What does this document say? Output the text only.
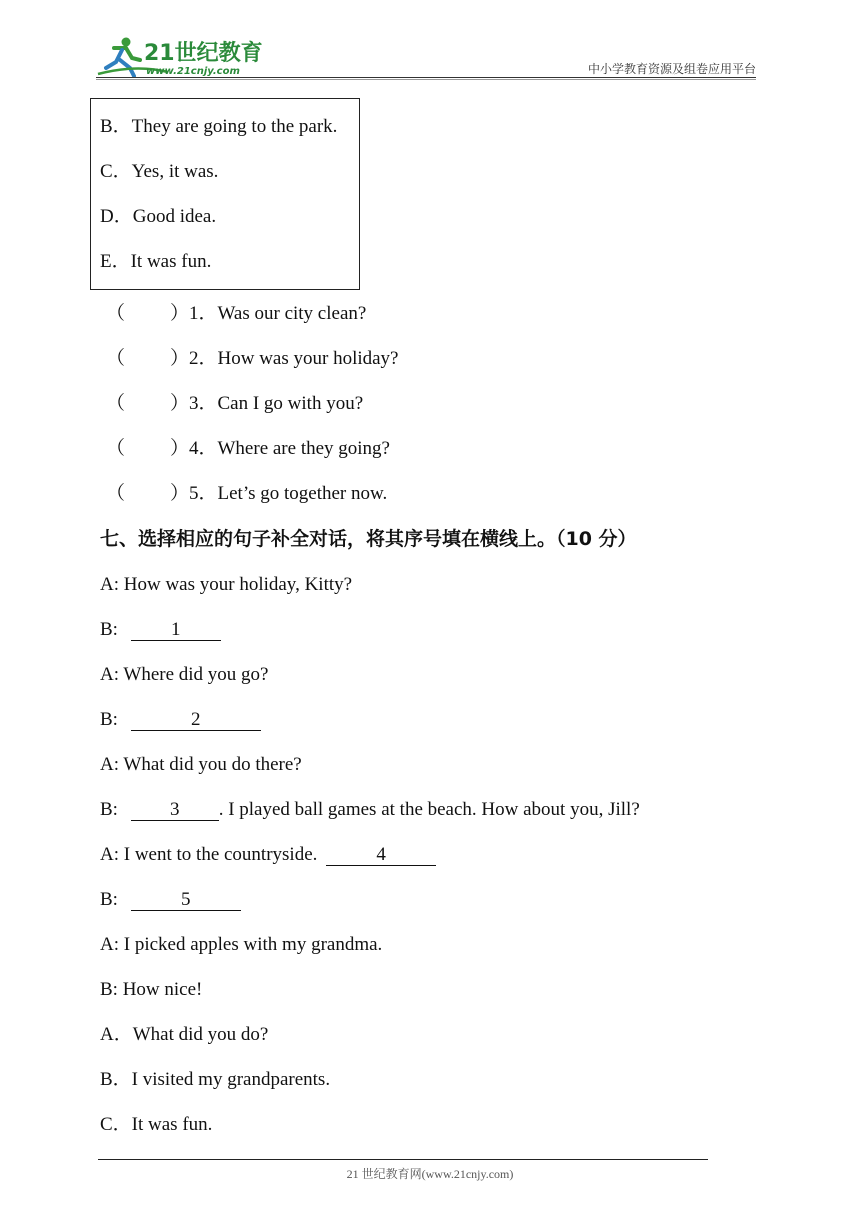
21世纪教育
www.21cnjy.com	中小学教育资源及组卷应用平台
B．They are going to the park.
C．Yes, it was.
D．Good idea.
E．It was fun.
（ ）1．Was our city clean?
（ ）2．How was your holiday?
（ ）3．Can I go with you?
（ ）4．Where are they going?
（ ）5．Let’s go together now.
七、选择相应的句子补全对话，将其序号填在横线上。（10 分）
A: How was your holiday, Kitty?
B:	1
A: Where did you go?
B:	2
A: What did you do there?
B: 3 . I played ball games at the beach. How about you, Jill?
A: I went to the countryside.	4
B:	5
A: I picked apples with my grandma.
B: How nice!
A．What did you do?
B．I visited my grandparents.
C．It was fun.
21 世纪教育网(www.21cnjy.com)
